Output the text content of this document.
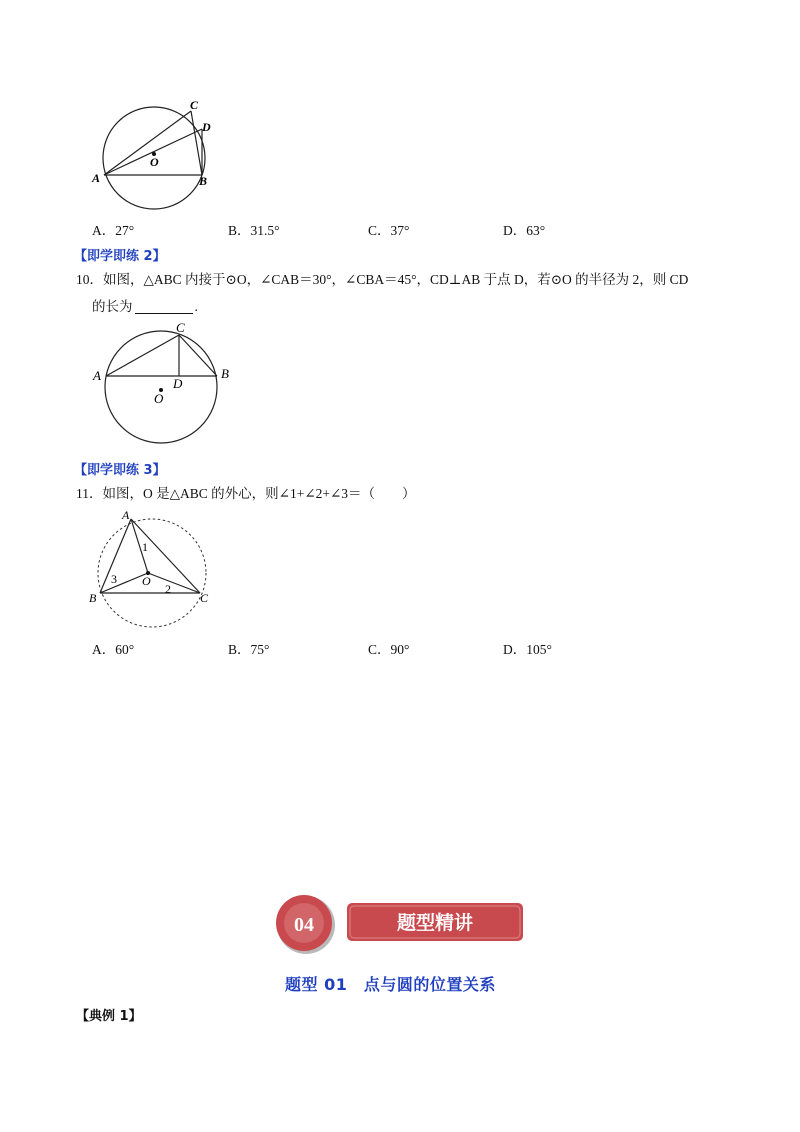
C
D
O
A	B
A．27°	B．31.5°	C．37°	D．63°
【即学即练 2】
10．如图，△ABC 内接于⊙O，∠CAB＝30°，∠CBA＝45°，CD⊥AB 于点 D，若⊙O 的半径为 2，则 CD
的长为	.
C
A
D
B
O
【即学即练 3】
11．如图，O 是△ABC 的外心，则∠1+∠2+∠3＝（　　）
A
1
3 O
2
B	C
A．60°	B．75°	C．90°	D．105°
04	题型精讲
题型 01　点与圆的位置关系
【典例 1】
